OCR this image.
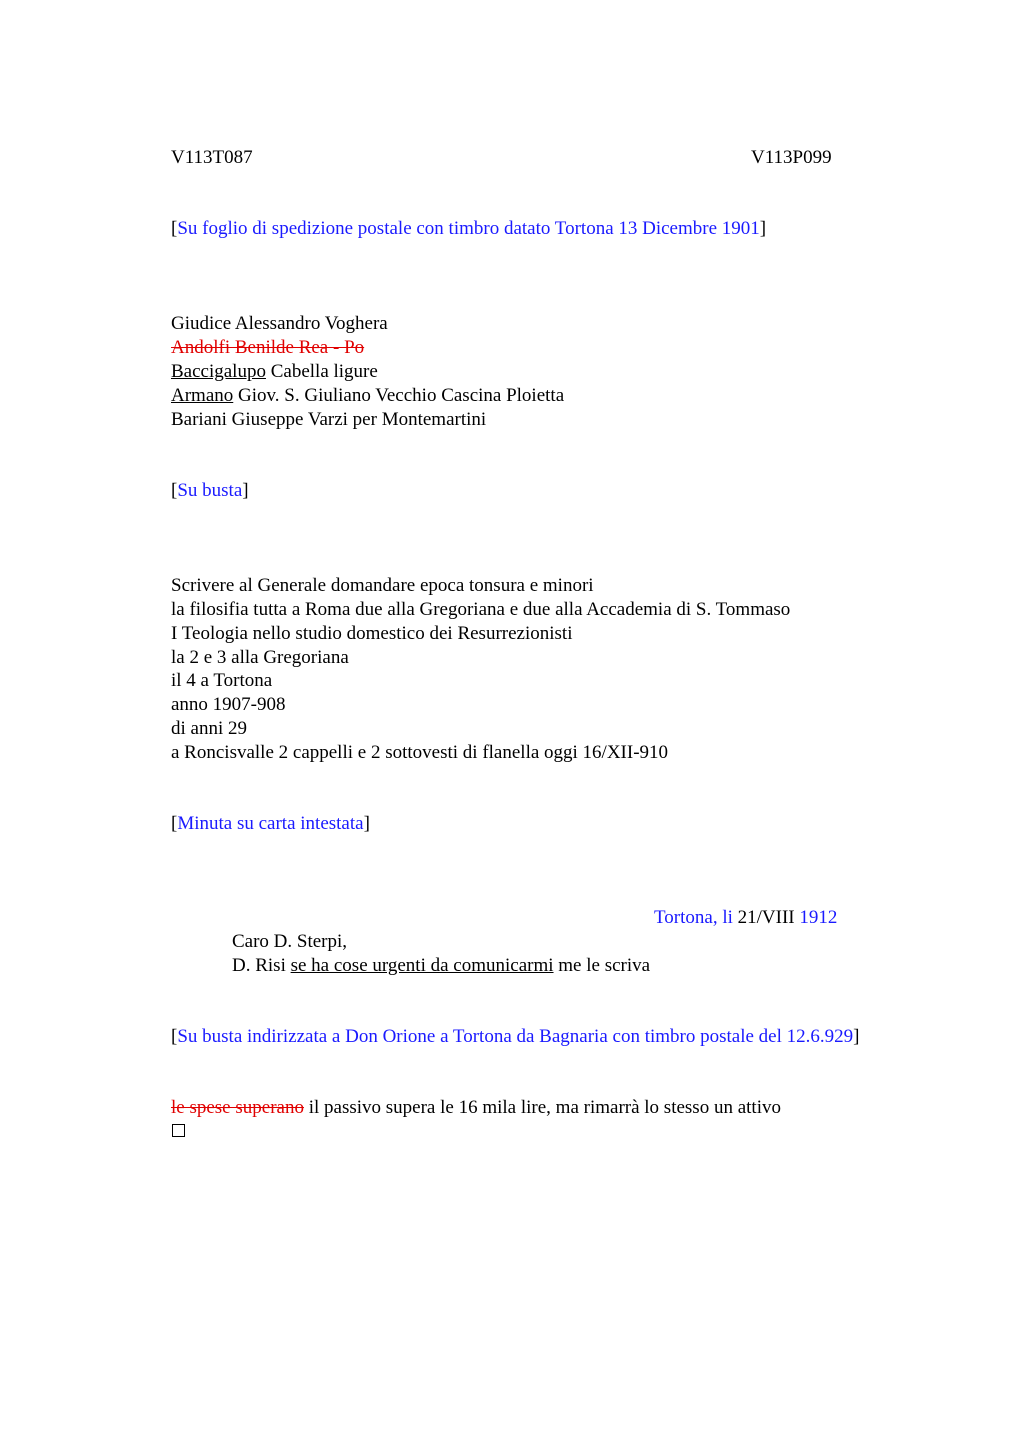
V113T087	V113P099
[Su foglio di spedizione postale con timbro datato Tortona 13 Dicembre 1901]
Giudice Alessandro Voghera
Andolfi Benilde Rea - Po
Baccigalupo Cabella ligure
Armano Giov. S. Giuliano Vecchio Cascina Ploietta
Bariani Giuseppe Varzi per Montemartini
[Su busta]
Scrivere al Generale domandare epoca tonsura e minori
la filosifia tutta a Roma due alla Gregoriana e due alla Accademia di S. Tommaso
I Teologia nello studio domestico dei Resurrezionisti
la 2 e 3 alla Gregoriana
il 4 a Tortona
anno 1907-908
di anni 29
a Roncisvalle 2 cappelli e 2 sottovesti di flanella oggi 16/XII-910
[Minuta su carta intestata]
Tortona, li 21/VIII 1912
Caro D. Sterpi,
D. Risi se ha cose urgenti da comunicarmi me le scriva
[Su busta indirizzata a Don Orione a Tortona da Bagnaria con timbro postale del 12.6.929]
le spese superano il passivo supera le 16 mila lire, ma rimarrà lo stesso un attivo
